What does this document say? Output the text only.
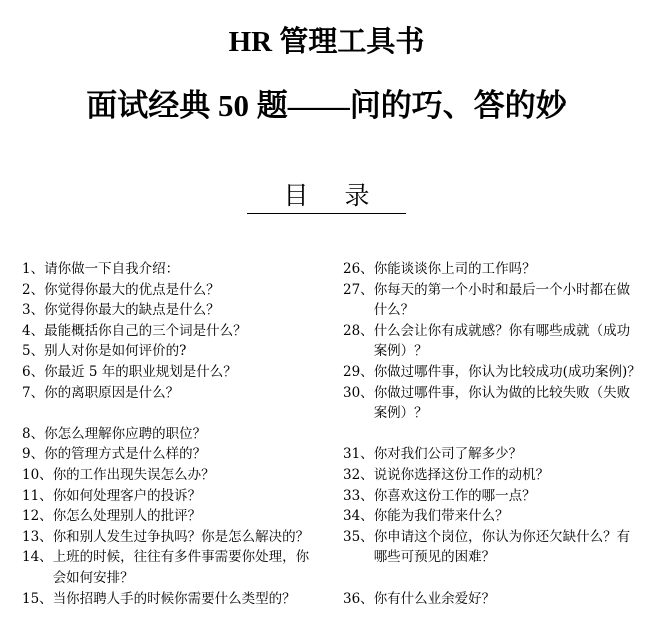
HR 管理工具书
面试经典 50 题——问的巧、答的妙
目录
1、 请你做一下自我介绍：
2、 你觉得你最大的优点是什么？
3、 你觉得你最大的缺点是什么？
4、 最能概括你自己的三个词是什么？
5、 别人对你是如何评价的?
6、 你最近 5 年的职业规划是什么？
7、 你的离职原因是什么？
8、 你怎么理解你应聘的职位？
9、 你的管理方式是什么样的？
10、 你的工作出现失误怎么办？
11、 你如何处理客户的投诉？
12、 你怎么处理别人的批评？
13、 你和别人发生过争执吗？你是怎么解决的？
14、 上班的时候，往往有多件事需要你处理，你会如何安排？
15、 当你招聘人手的时候你需要什么类型的？
26、 你能谈谈你上司的工作吗？
27、 你每天的第一个小时和最后一个小时都在做什么？
28、 什么会让你有成就感？你有哪些成就（成功案例）？
29、 你做过哪件事，你认为比较成功(成功案例)？
30、 你做过哪件事，你认为做的比较失败（失败案例）？
31、 你对我们公司了解多少？
32、 说说你选择这份工作的动机？
33、 你喜欢这份工作的哪一点？
34、 你能为我们带来什么？
35、 你申请这个岗位，你认为你还欠缺什么？有哪些可预见的困难？
36、 你有什么业余爱好？
